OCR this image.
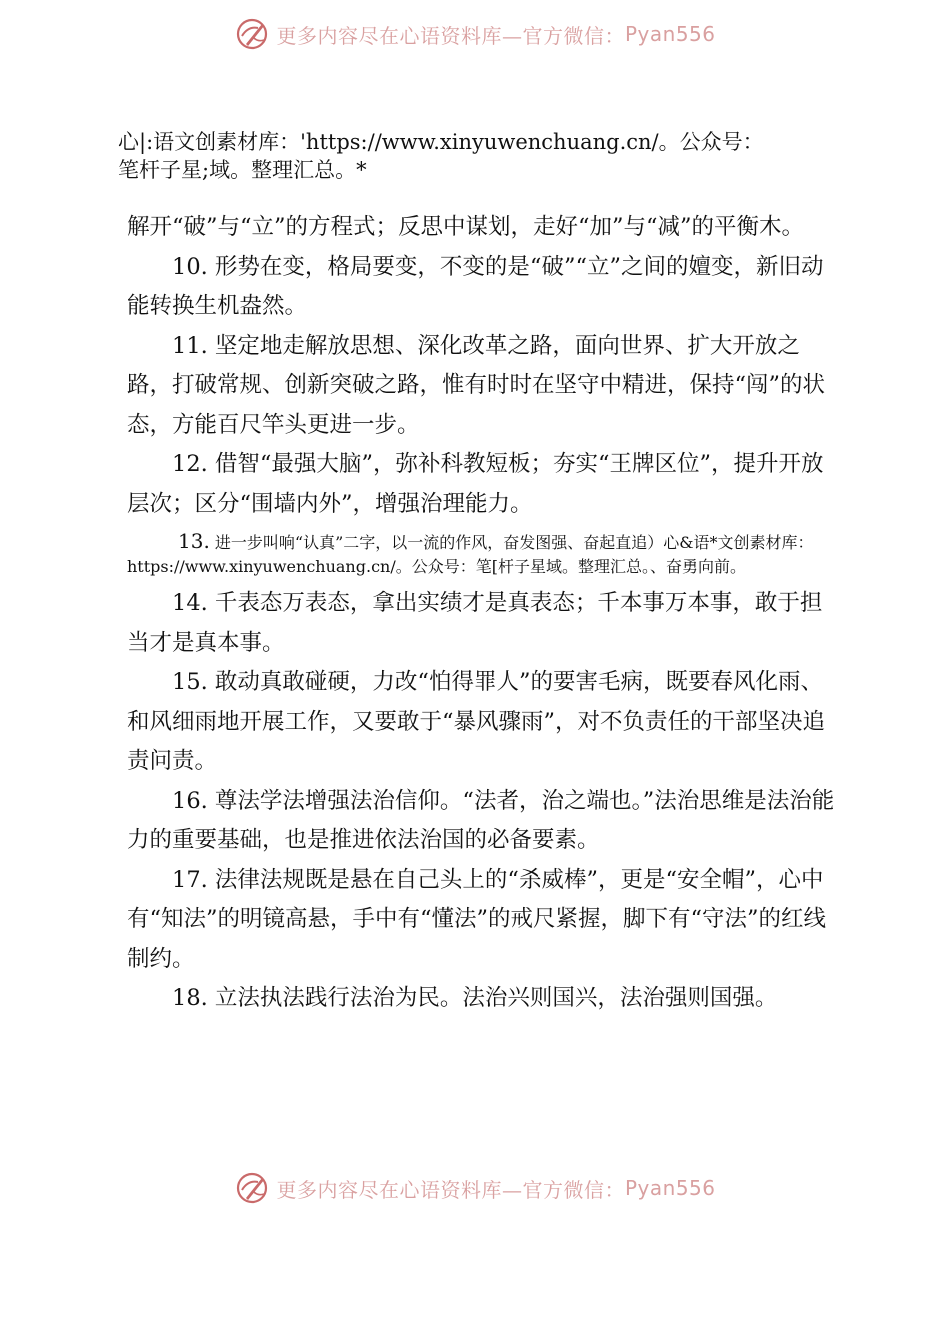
更多内容尽在心语资料库—官方微信： Pyan556
心|:语文创素材库：'https://www.xinyuwenchuang.cn/。公众号：
笔杆子星;域。整理汇总。*

解开“破”与“立”的方程式；反思中谋划，走好“加”与“减”的平衡木。

10. 形势在变，格局要变，不变的是“破”“立”之间的嬗变，新旧动能转换生机盎然。

11. 坚定地走解放思想、深化改革之路，面向世界、扩大开放之路，打破常规、创新突破之路，惟有时时在坚守中精进，保持“闯”的状态，方能百尺竿头更进一步。

12. 借智“最强大脑”，弥补科教短板；夯实“王牌区位”，提升开放层次；区分“围墙内外”，增强治理能力。

13. 进一步叫响“认真”二字，以一流的作风，奋发图强、奋起直追）心&语*文创素材库：https://www.xinyuwenchuang.cn/。公众号：笔[杆子星域。整理汇总。、奋勇向前。

14. 千表态万表态，拿出实绩才是真表态；千本事万本事，敢于担当才是真本事。

15. 敢动真敢碰硬，力改“怕得罪人”的要害毛病，既要春风化雨、和风细雨地开展工作，又要敢于“暴风骤雨”，对不负责任的干部坚决追责问责。

16. 尊法学法增强法治信仰。“法者，治之端也。”法治思维是法治能力的重要基础，也是推进依法治国的必备要素。

17. 法律法规既是悬在自己头上的“杀威棒”，更是“安全帽”，心中有“知法”的明镜高悬，手中有“懂法”的戒尺紧握，脚下有“守法”的红线制约。

18. 立法执法践行法治为民。法治兴则国兴，法治强则国强。

更多内容尽在心语资料库—官方微信： Pyan556
